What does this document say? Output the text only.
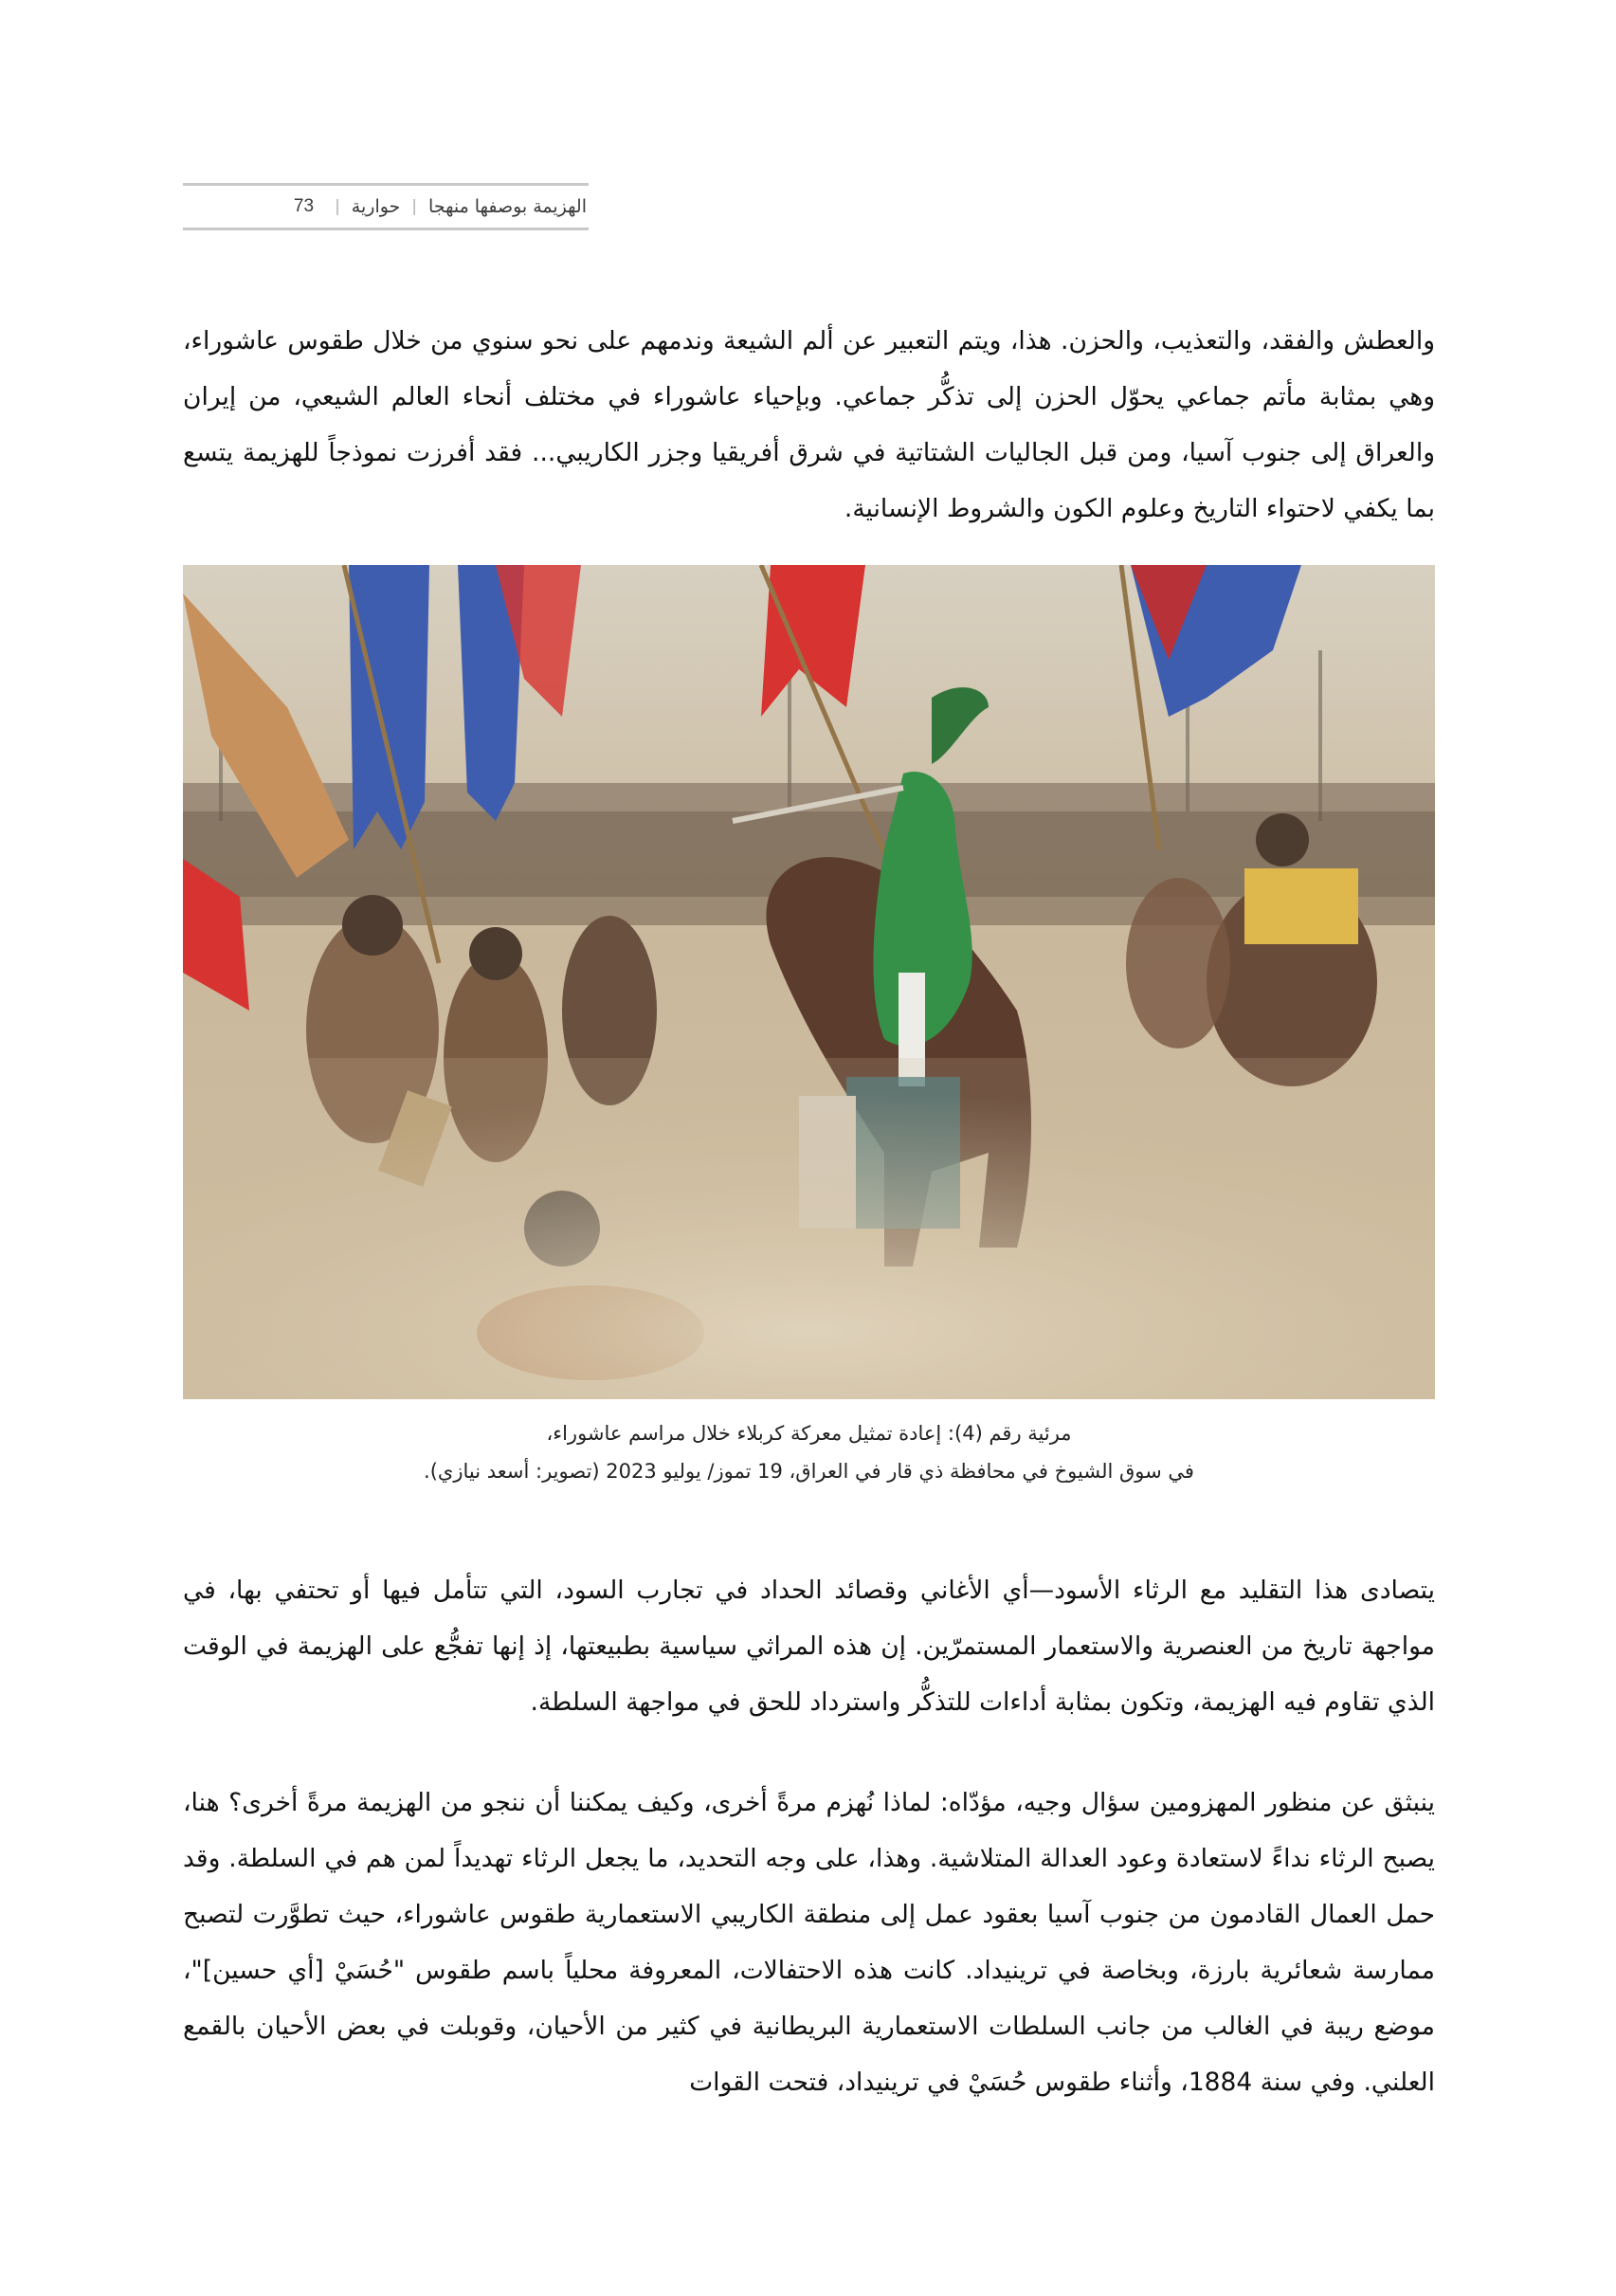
الهزيمة بوصفها منهجا
|
حوارية
|
73

والعطش والفقد، والتعذيب، والحزن. هذا، ويتم التعبير عن ألم الشيعة وندمهم على نحو سنوي من خلال طقوس عاشوراء، وهي بمثابة مأتم جماعي يحوّل الحزن إلى تذكُّر جماعي. وبإحياء عاشوراء في مختلف أنحاء العالم الشيعي، من إيران والعراق إلى جنوب آسيا، ومن قبل الجاليات الشتاتية في شرق أفريقيا وجزر الكاريبي... فقد أفرزت نموذجاً للهزيمة يتسع بما يكفي لاحتواء التاريخ وعلوم الكون والشروط الإنسانية.

مرئية رقم (4): إعادة تمثيل معركة كربلاء خلال مراسم عاشوراء،
في سوق الشيوخ في محافظة ذي قار في العراق، 19 تموز/ يوليو 2023 (تصوير: أسعد نيازي).

يتصادى هذا التقليد مع الرثاء الأسود—أي الأغاني وقصائد الحداد في تجارب السود، التي تتأمل فيها أو تحتفي بها، في مواجهة تاريخ من العنصرية والاستعمار المستمرّين. إن هذه المراثي سياسية بطبيعتها، إذ إنها تفجُّع على الهزيمة في الوقت الذي تقاوم فيه الهزيمة، وتكون بمثابة أداءات للتذكُّر واسترداد للحق في مواجهة السلطة.

ينبثق عن منظور المهزومين سؤال وجيه، مؤدّاه: لماذا نُهزم مرةً أخرى، وكيف يمكننا أن ننجو من الهزيمة مرةً أخرى؟ هنا، يصبح الرثاء نداءً لاستعادة وعود العدالة المتلاشية. وهذا، على وجه التحديد، ما يجعل الرثاء تهديداً لمن هم في السلطة. وقد حمل العمال القادمون من جنوب آسيا بعقود عمل إلى منطقة الكاريبي الاستعمارية طقوس عاشوراء، حيث تطوَّرت لتصبح ممارسة شعائرية بارزة، وبخاصة في ترينيداد. كانت هذه الاحتفالات، المعروفة محلياً باسم طقوس "حُسَيْ [أي حسين]"، موضع ريبة في الغالب من جانب السلطات الاستعمارية البريطانية في كثير من الأحيان، وقوبلت في بعض الأحيان بالقمع العلني. وفي سنة 1884، وأثناء طقوس حُسَيْ في ترينيداد، فتحت القوات
